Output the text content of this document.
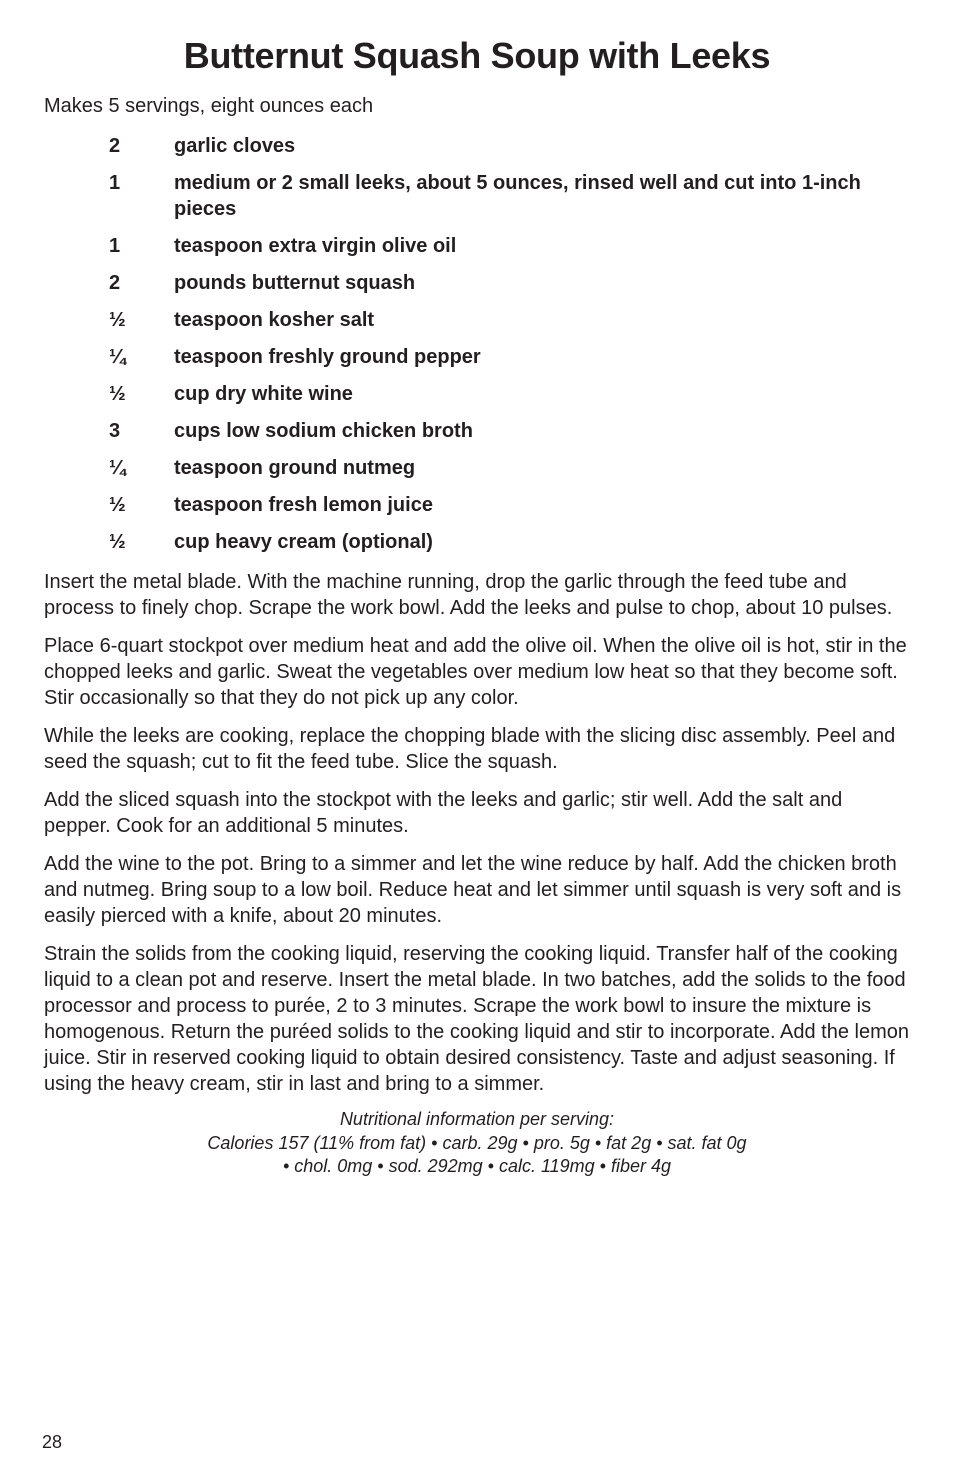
Butternut Squash Soup with Leeks

Makes 5 servings, eight ounces each

2	garlic cloves
1	medium or 2 small leeks, about 5 ounces, rinsed well and cut into 1-inch pieces
1	teaspoon extra virgin olive oil
2	pounds butternut squash
½	teaspoon kosher salt
¼	teaspoon freshly ground pepper
½	cup dry white wine
3	cups low sodium chicken broth
¼	teaspoon ground nutmeg
½	teaspoon fresh lemon juice
½	cup heavy cream (optional)

Insert the metal blade. With the machine running, drop the garlic through the feed tube and process to finely chop. Scrape the work bowl. Add the leeks and pulse to chop, about 10 pulses.

Place 6-quart stockpot over medium heat and add the olive oil. When the olive oil is hot, stir in the chopped leeks and garlic. Sweat the vegetables over medium low heat so that they become soft. Stir occasionally so that they do not pick up any color.

While the leeks are cooking, replace the chopping blade with the slicing disc assembly. Peel and seed the squash; cut to fit the feed tube. Slice the squash.

Add the sliced squash into the stockpot with the leeks and garlic; stir well. Add the salt and pepper. Cook for an additional 5 minutes.

Add the wine to the pot. Bring to a simmer and let the wine reduce by half. Add the chicken broth and nutmeg. Bring soup to a low boil. Reduce heat and let simmer until squash is very soft and is easily pierced with a knife, about 20 minutes.

Strain the solids from the cooking liquid, reserving the cooking liquid. Transfer half of the cooking liquid to a clean pot and reserve. Insert the metal blade. In two batches, add the solids to the food processor and process to purée, 2 to 3 minutes. Scrape the work bowl to insure the mixture is homogenous. Return the puréed solids to the cooking liquid and stir to incorporate. Add the lemon juice. Stir in reserved cooking liquid to obtain desired consistency. Taste and adjust seasoning. If using the heavy cream, stir in last and bring to a simmer.

Nutritional information per serving:
Calories 157 (11% from fat) • carb. 29g • pro. 5g • fat 2g • sat. fat 0g
• chol. 0mg • sod. 292mg • calc. 119mg • fiber 4g
28
